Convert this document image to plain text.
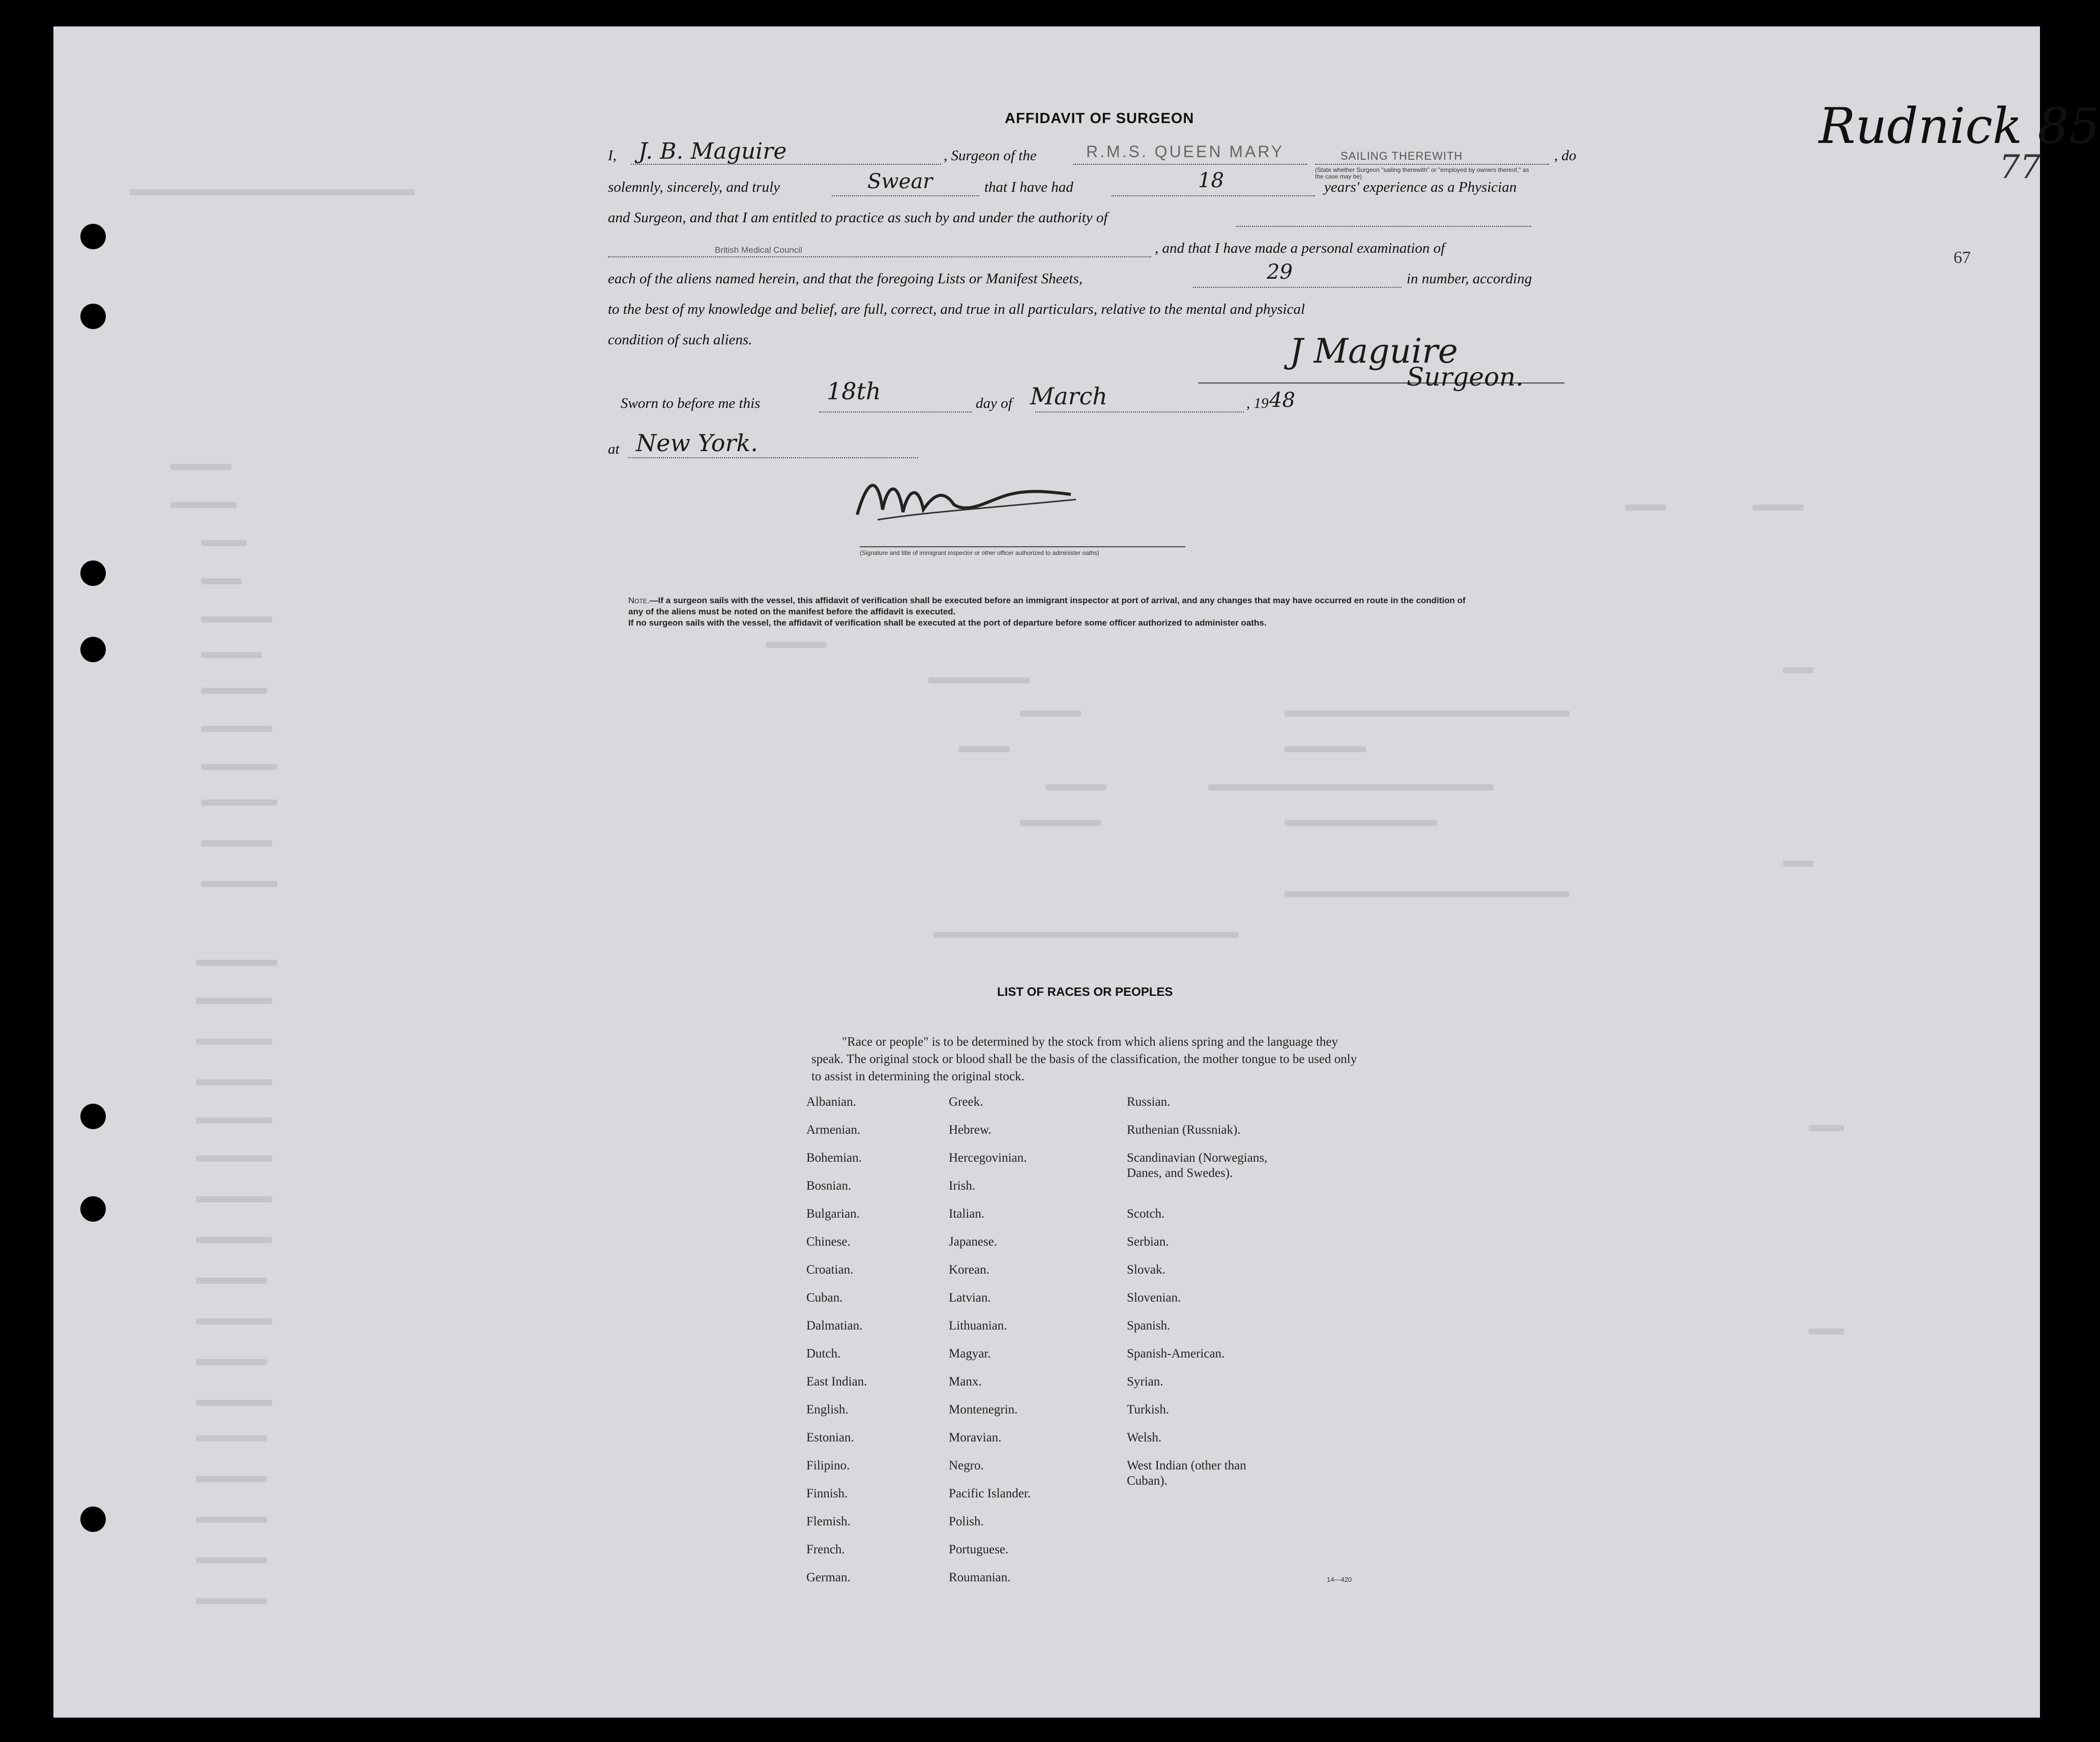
Rudnick 85
77
67
AFFIDAVIT OF SURGEON
I, J. B. Maguire	, Surgeon of the	R.M.S. QUEEN MARY	SAILING THEREWITH
(State whether Surgeon "sailing therewith" or "employed by owners thereof," as the case may be)
, do
solemnly, sincerely, and truly	Swear	that I have had	18	years' experience as a Physician
and Surgeon, and that I am entitled to practice as such by and under the authority of
British Medical Council	, and that I have made a personal examination of
each of the aliens named herein, and that the foregoing Lists or Manifest Sheets,	29	in number, according
to the best of my knowledge and belief, are full, correct, and true in all particulars, relative to the mental and physical
condition of such aliens.	J Maguire
Surgeon.
Sworn to before me this	18th	day of March	, 19 48
at New York.
(Signature and title of immigrant inspector or other officer authorized to administer oaths)
Note.—If a surgeon sails with the vessel, this affidavit of verification shall be executed before an immigrant inspector at port of arrival, and any changes that may have occurred en route in the condition of any of the aliens must be noted on the manifest before the affidavit is executed.
If no surgeon sails with the vessel, the affidavit of verification shall be executed at the port of departure before some officer authorized to administer oaths.
LIST OF RACES OR PEOPLES
"Race or people" is to be determined by the stock from which aliens spring and the language they speak. The original stock or blood shall be the basis of the classification, the mother tongue to be used only to assist in determining the original stock.
Albanian.
Armenian.
Bohemian.
Bosnian.
Bulgarian.
Chinese.
Croatian.
Cuban.
Dalmatian.
Dutch.
East Indian.
English.
Estonian.
Filipino.
Finnish.
Flemish.
French.
German.
Greek.
Hebrew.
Hercegovinian.
Irish.
Italian.
Japanese.
Korean.
Latvian.
Lithuanian.
Magyar.
Manx.
Montenegrin.
Moravian.
Negro.
Pacific Islander.
Polish.
Portuguese.
Roumanian.
Russian.
Ruthenian (Russniak).
Scandinavian (Norwegians, Danes, and Swedes).
Scotch.
Serbian.
Slovak.
Slovenian.
Spanish.
Spanish-American.
Syrian.
Turkish.
Welsh.
West Indian (other than Cuban).
14—420
